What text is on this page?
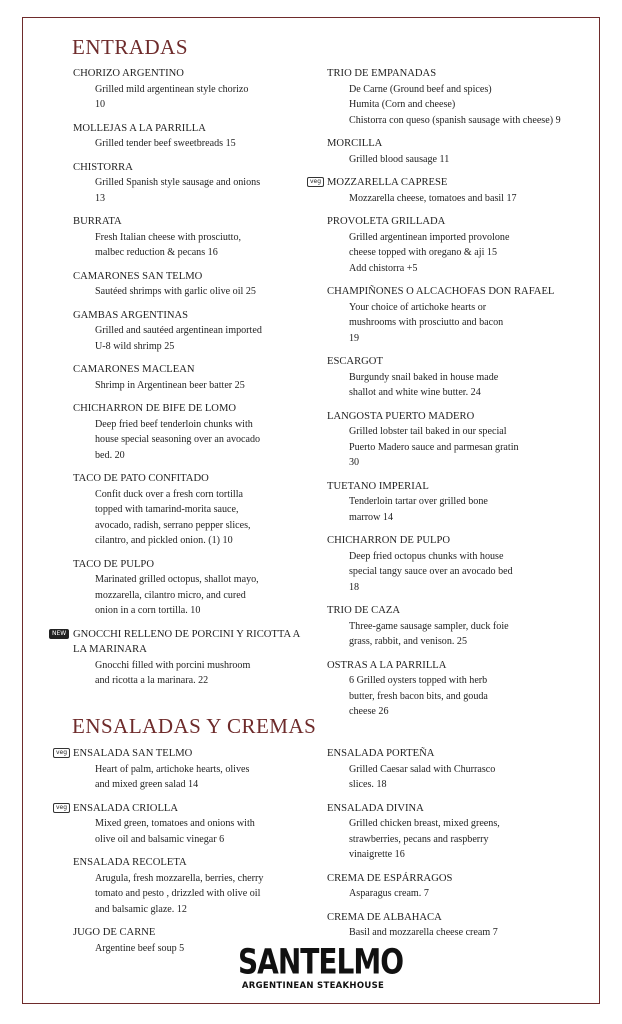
ENTRADAS
CHORIZO ARGENTINO
Grilled mild argentinean style chorizo
10
MOLLEJAS A LA PARRILLA
Grilled tender beef sweetbreads 15
CHISTORRA
Grilled Spanish style sausage and onions
13
BURRATA
Fresh Italian cheese with prosciutto,
malbec reduction & pecans 16
CAMARONES SAN TELMO
Sautéed shrimps with garlic olive oil 25
GAMBAS ARGENTINAS
Grilled and sautéed argentinean imported
U-8 wild shrimp 25
CAMARONES MACLEAN
Shrimp in Argentinean beer batter 25
CHICHARRON DE BIFE DE LOMO
Deep fried beef tenderloin chunks with
house special seasoning over an avocado
bed. 20
TACO DE PATO CONFITADO
Confit duck over a fresh corn tortilla
topped with tamarind-morita sauce,
avocado, radish, serrano pepper slices,
cilantro, and pickled onion. (1) 10
TACO DE PULPO
Marinated grilled octopus, shallot mayo,
mozzarella, cilantro micro, and cured
onion in a corn tortilla. 10
NEW GNOCCHI RELLENO DE PORCINI Y RICOTTA A LA MARINARA
Gnocchi filled with porcini mushroom
and ricotta a la marinara. 22
TRIO DE EMPANADAS
De Carne (Ground beef and spices)
Humita (Corn and cheese)
Chistorra con queso (spanish sausage with cheese) 9
MORCILLA
Grilled blood sausage 11
veg MOZZARELLA CAPRESE
Mozzarella cheese, tomatoes and basil 17
PROVOLETA GRILLADA
Grilled argentinean imported provolone
cheese topped with oregano & aji 15
Add chistorra +5
CHAMPIÑONES O ALCACHOFAS DON RAFAEL
Your choice of artichoke hearts or
mushrooms with prosciutto and bacon
19
ESCARGOT
Burgundy snail baked in house made
shallot and white wine butter. 24
LANGOSTA PUERTO MADERO
Grilled lobster tail baked in our special
Puerto Madero sauce and parmesan gratin
30
TUETANO IMPERIAL
Tenderloin tartar over grilled bone
marrow 14
CHICHARRON DE PULPO
Deep fried octopus chunks with house
special tangy sauce over an avocado bed
18
TRIO DE CAZA
Three-game sausage sampler, duck foie
grass, rabbit, and venison. 25
OSTRAS A LA PARRILLA
6 Grilled oysters topped with herb
butter, fresh bacon bits, and gouda
cheese 26
ENSALADAS Y CREMAS
veg ENSALADA SAN TELMO
Heart of palm, artichoke hearts, olives
and mixed green salad 14
veg ENSALADA CRIOLLA
Mixed green, tomatoes and onions with
olive oil and balsamic vinegar 6
ENSALADA RECOLETA
Arugula, fresh mozzarella, berries, cherry
tomato and pesto , drizzled with olive oil
and balsamic glaze. 12
JUGO DE CARNE
Argentine beef soup 5
ENSALADA PORTEÑA
Grilled Caesar salad with Churrasco
slices. 18
ENSALADA DIVINA
Grilled chicken breast, mixed greens,
strawberries, pecans and raspberry
vinaigrette 16
CREMA DE ESPÁRRAGOS
Asparagus cream. 7
CREMA DE ALBAHACA
Basil and mozzarella cheese cream 7
SANTELMO
ARGENTINEAN STEAKHOUSE
